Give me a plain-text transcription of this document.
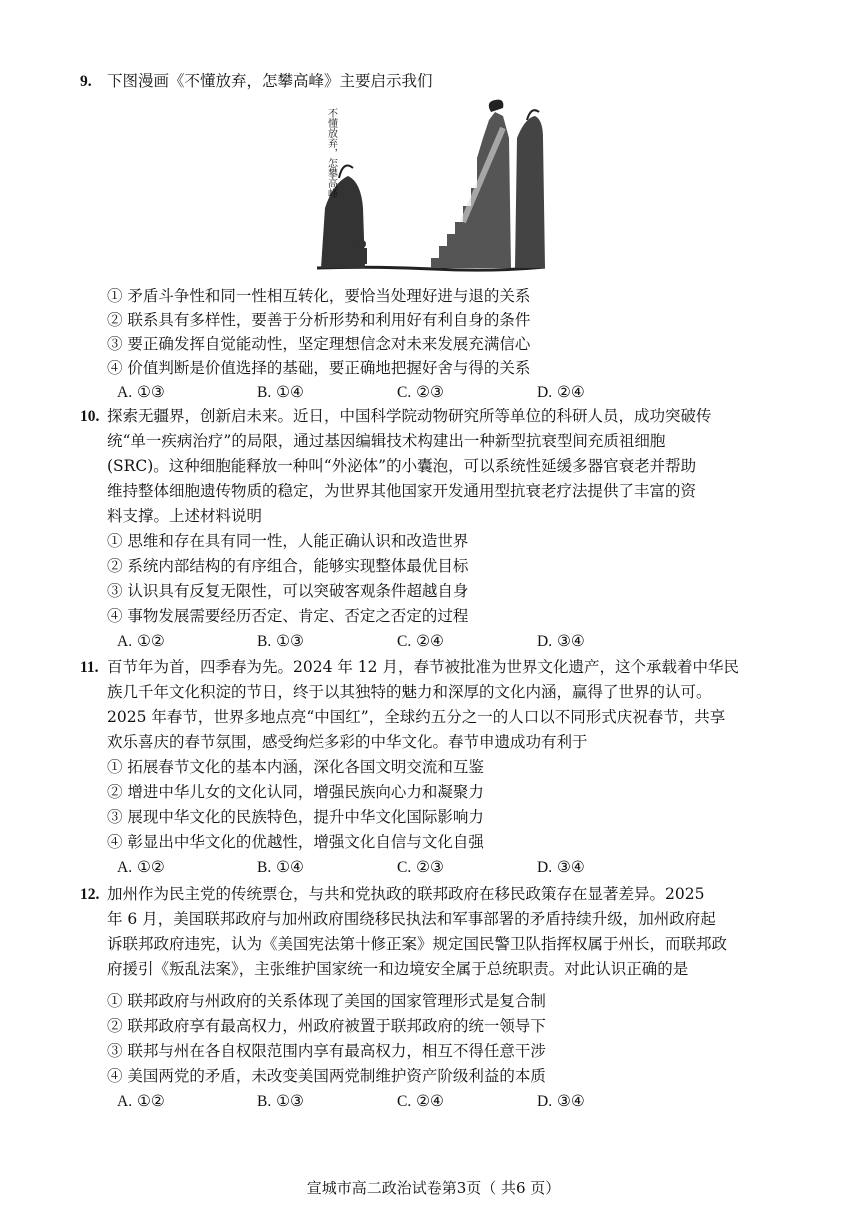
9. 下图漫画《不懂放弃，怎攀高峰》主要启示我们
不懂放弃，怎攀高峰
① 矛盾斗争性和同一性相互转化，要恰当处理好进与退的关系
② 联系具有多样性，要善于分析形势和利用好有利自身的条件
③ 要正确发挥自觉能动性，坚定理想信念对未来发展充满信心
④ 价值判断是价值选择的基础，要正确地把握好舍与得的关系
A. ①③	B. ①④	C. ②③	D. ②④
10. 探索无疆界，创新启未来。近日，中国科学院动物研究所等单位的科研人员，成功突破传
统“单一疾病治疗”的局限，通过基因编辑技术构建出一种新型抗衰型间充质祖细胞
(SRC)。这种细胞能释放一种叫“外泌体”的小囊泡，可以系统性延缓多器官衰老并帮助
维持整体细胞遗传物质的稳定，为世界其他国家开发通用型抗衰老疗法提供了丰富的资
料支撑。上述材料说明
① 思维和存在具有同一性，人能正确认识和改造世界
② 系统内部结构的有序组合，能够实现整体最优目标
③ 认识具有反复无限性，可以突破客观条件超越自身
④ 事物发展需要经历否定、肯定、否定之否定的过程
A. ①②	B. ①③	C. ②④	D. ③④
11. 百节年为首，四季春为先。2024 年 12 月，春节被批准为世界文化遗产，这个承载着中华民
族几千年文化积淀的节日，终于以其独特的魅力和深厚的文化内涵，赢得了世界的认可。
2025 年春节，世界多地点亮“中国红”，全球约五分之一的人口以不同形式庆祝春节，共享
欢乐喜庆的春节氛围，感受绚烂多彩的中华文化。春节申遗成功有利于
① 拓展春节文化的基本内涵，深化各国文明交流和互鉴
② 增进中华儿女的文化认同，增强民族向心力和凝聚力
③ 展现中华文化的民族特色，提升中华文化国际影响力
④ 彰显出中华文化的优越性，增强文化自信与文化自强
A. ①②	B. ①④	C. ②③	D. ③④
12. 加州作为民主党的传统票仓，与共和党执政的联邦政府在移民政策存在显著差异。2025
年 6 月，美国联邦政府与加州政府围绕移民执法和军事部署的矛盾持续升级，加州政府起
诉联邦政府违宪，认为《美国宪法第十修正案》规定国民警卫队指挥权属于州长，而联邦政
府援引《叛乱法案》，主张维护国家统一和边境安全属于总统职责。对此认识正确的是
① 联邦政府与州政府的关系体现了美国的国家管理形式是复合制
② 联邦政府享有最高权力，州政府被置于联邦政府的统一领导下
③ 联邦与州在各自权限范围内享有最高权力，相互不得任意干涉
④ 美国两党的矛盾，未改变美国两党制维护资产阶级利益的本质
A. ①②	B. ①③	C. ②④	D. ③④
宣城市高二政治试卷第3页（ 共6 页）
